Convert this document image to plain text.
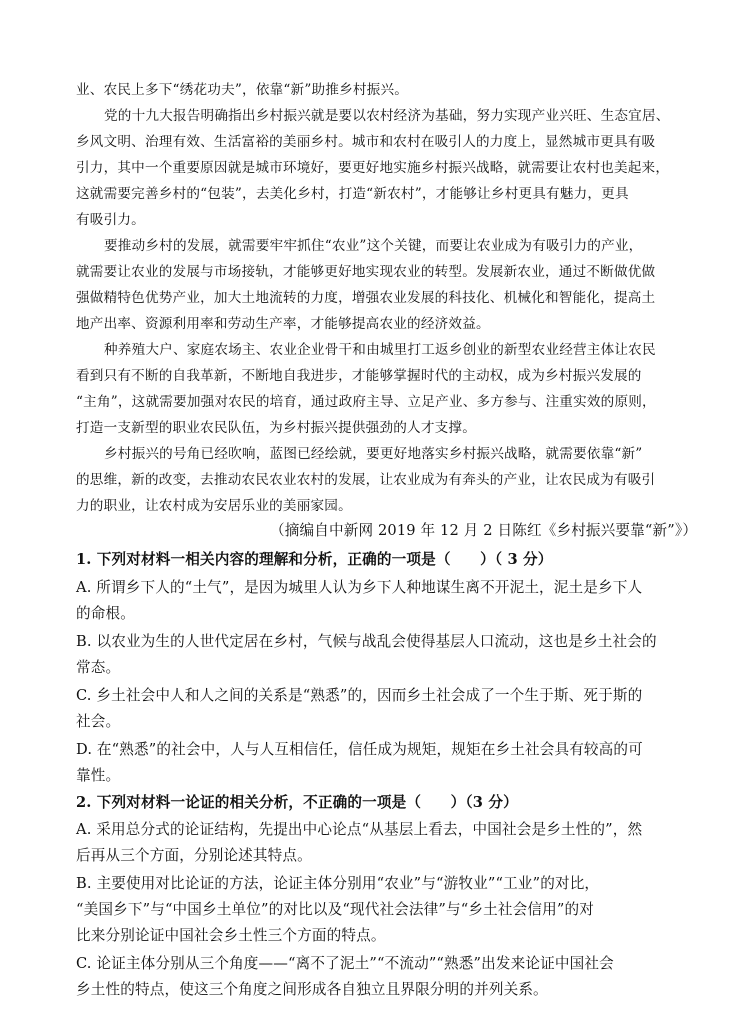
业、农民上多下“绣花功夫”，依靠“新”助推乡村振兴。
党的十九大报告明确指出乡村振兴就是要以农村经济为基础，努力实现产业兴旺、生态宜居、
乡风文明、治理有效、生活富裕的美丽乡村。城市和农村在吸引人的力度上，显然城市更具有吸
引力，其中一个重要原因就是城市环境好，要更好地实施乡村振兴战略，就需要让农村也美起来，
这就需要完善乡村的“包装”，去美化乡村，打造“新农村”，才能够让乡村更具有魅力，更具
有吸引力。
要推动乡村的发展，就需要牢牢抓住“农业”这个关键，而要让农业成为有吸引力的产业，
就需要让农业的发展与市场接轨，才能够更好地实现农业的转型。发展新农业，通过不断做优做
强做精特色优势产业，加大土地流转的力度，增强农业发展的科技化、机械化和智能化，提高土
地产出率、资源利用率和劳动生产率，才能够提高农业的经济效益。
种养殖大户、家庭农场主、农业企业骨干和由城里打工返乡创业的新型农业经营主体让农民
看到只有不断的自我革新，不断地自我进步，才能够掌握时代的主动权，成为乡村振兴发展的
“主角”，这就需要加强对农民的培育，通过政府主导、立足产业、多方参与、注重实效的原则，
打造一支新型的职业农民队伍，为乡村振兴提供强劲的人才支撑。
乡村振兴的号角已经吹响，蓝图已经绘就，要更好地落实乡村振兴战略，就需要依靠“新”
的思维，新的改变，去推动农民农业农村的发展，让农业成为有奔头的产业，让农民成为有吸引
力的职业，让农村成为安居乐业的美丽家园。
（摘编自中新网 2019 年 12 月 2 日陈红《乡村振兴要靠“新”》）
1. 下列对材料一相关内容的理解和分析，正确的一项是（　　）（ 3 分）
A. 所谓乡下人的“土气”，是因为城里人认为乡下人种地谋生离不开泥土，泥土是乡下人
的命根。
B. 以农业为生的人世代定居在乡村，气候与战乱会使得基层人口流动，这也是乡土社会的
常态。
C. 乡土社会中人和人之间的关系是“熟悉”的，因而乡土社会成了一个生于斯、死于斯的
社会。
D. 在“熟悉”的社会中，人与人互相信任，信任成为规矩，规矩在乡土社会具有较高的可
靠性。
2. 下列对材料一论证的相关分析，不正确的一项是（　　）（3 分）
A. 采用总分式的论证结构，先提出中心论点“从基层上看去，中国社会是乡土性的”，然
后再从三个方面，分别论述其特点。
B. 主要使用对比论证的方法，论证主体分别用“农业”与“游牧业”“工业”的对比，
“美国乡下”与“中国乡土单位”的对比以及“现代社会法律”与“乡土社会信用”的对
比来分别论证中国社会乡土性三个方面的特点。
C. 论证主体分别从三个角度——“离不了泥土”“不流动”“熟悉”出发来论证中国社会
乡土性的特点，使这三个角度之间形成各自独立且界限分明的并列关系。
